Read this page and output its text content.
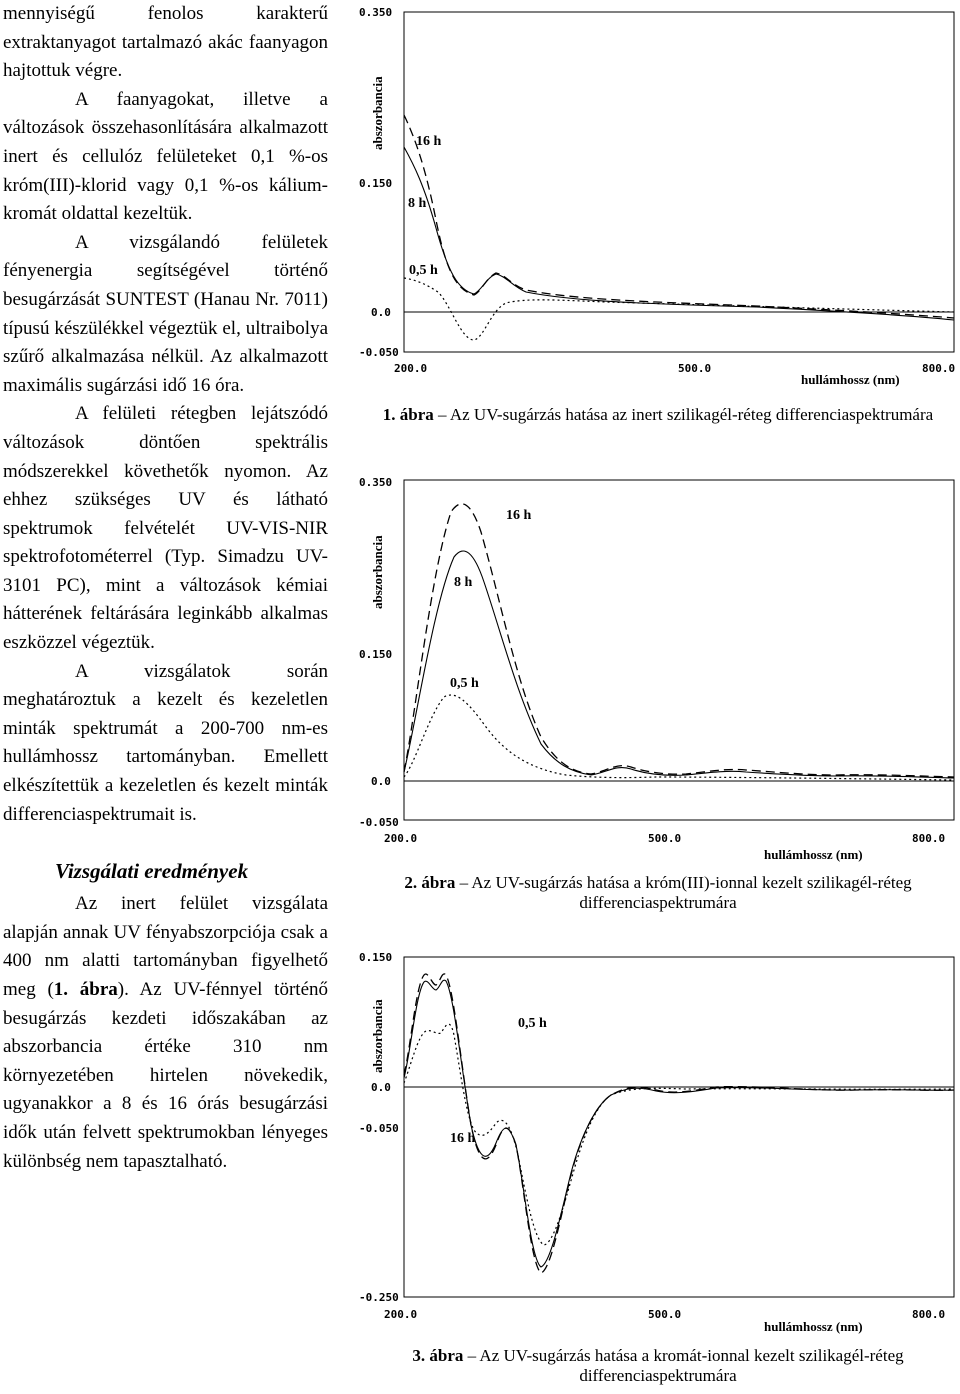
mennyiségű fenolos karakterű extraktanyagot tartalmazó akác faanyagon hajtottuk végre.

A faanyagokat, illetve a változások összehasonlítására alkalmazott inert és cellulóz felületeket 0,1 %-os króm(III)-klorid vagy 0,1 %-os kálium-kromát oldattal kezeltük.

A vizsgálandó felületek fényenergia segítségével történő besugárzását SUNTEST (Hanau Nr. 7011) típusú készülékkel végeztük el, ultraibolya szűrő alkalmazása nélkül. Az alkalmazott maximális sugárzási idő 16 óra.

A felületi rétegben lejátszódó változások döntően spektrális módszerekkel követhetők nyomon. Az ehhez szükséges UV és látható spektrumok felvételét UV-VIS-NIR spektrofotométerrel (Typ. Simadzu UV-3101 PC), mint a változások kémiai hátterének feltárására leginkább alkalmas eszközzel végeztük.

A vizsgálatok során meghatároztuk a kezelt és kezeletlen minták spektrumát a 200-700 nm-es hullámhossz tartományban. Emellett elkészítettük a kezeletlen és kezelt minták differenciaspektrumait is.

Vizsgálati eredmények

Az inert felület vizsgálata alapján annak UV fényabszorpciója csak a 400 nm alatti tartományban figyelhető meg (1. ábra). Az UV-fénnyel történő besugárzás kezdeti időszakában az abszorbancia értéke 310 nm környezetében hirtelen növekedik, ugyanakkor a 8 és 16 órás besugárzási idők után felvett spektrumokban lényeges különbség nem tapasztalható.

0.350
0.150
0.0
-0.050
abszorbancia
200.0	500.0	800.0
hullámhossz (nm)
16 h
8 h
0,5 h

1. ábra – Az UV-sugárzás hatása az inert szilikagél-réteg differenciaspektrumára

0.350
0.150
0.0
-0.050
abszorbancia
200.0	500.0	800.0
hullámhossz (nm)
16 h
8 h
0,5 h

2. ábra – Az UV-sugárzás hatása a króm(III)-ionnal kezelt szilikagél-réteg differenciaspektrumára

0.150
0.0
-0.050
-0.250
abszorbancia
200.0	500.0	800.0
hullámhossz (nm)
0,5 h
16 h

3. ábra – Az UV-sugárzás hatása a kromát-ionnal kezelt szilikagél-réteg differenciaspektrumára
